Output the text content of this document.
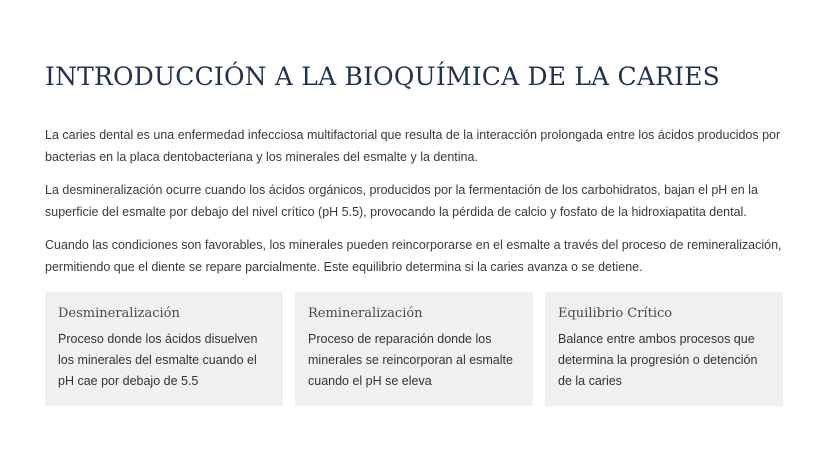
INTRODUCCIÓN A LA BIOQUÍMICA DE LA CARIES

La caries dental es una enfermedad infecciosa multifactorial que resulta de la interacción prolongada entre los ácidos producidos por bacterias en la placa dentobacteriana y los minerales del esmalte y la dentina.

La desmineralización ocurre cuando los ácidos orgánicos, producidos por la fermentación de los carbohidratos, bajan el pH en la superficie del esmalte por debajo del nivel crítico (pH 5.5), provocando la pérdida de calcio y fosfato de la hidroxiapatita dental.

Cuando las condiciones son favorables, los minerales pueden reincorporarse en el esmalte a través del proceso de remineralización, permitiendo que el diente se repare parcialmente. Este equilibrio determina si la caries avanza o se detiene.

Desmineralización

Proceso donde los ácidos disuelven los minerales del esmalte cuando el pH cae por debajo de 5.5

Remineralización

Proceso de reparación donde los minerales se reincorporan al esmalte cuando el pH se eleva

Equilibrio Crítico

Balance entre ambos procesos que determina la progresión o detención de la caries
